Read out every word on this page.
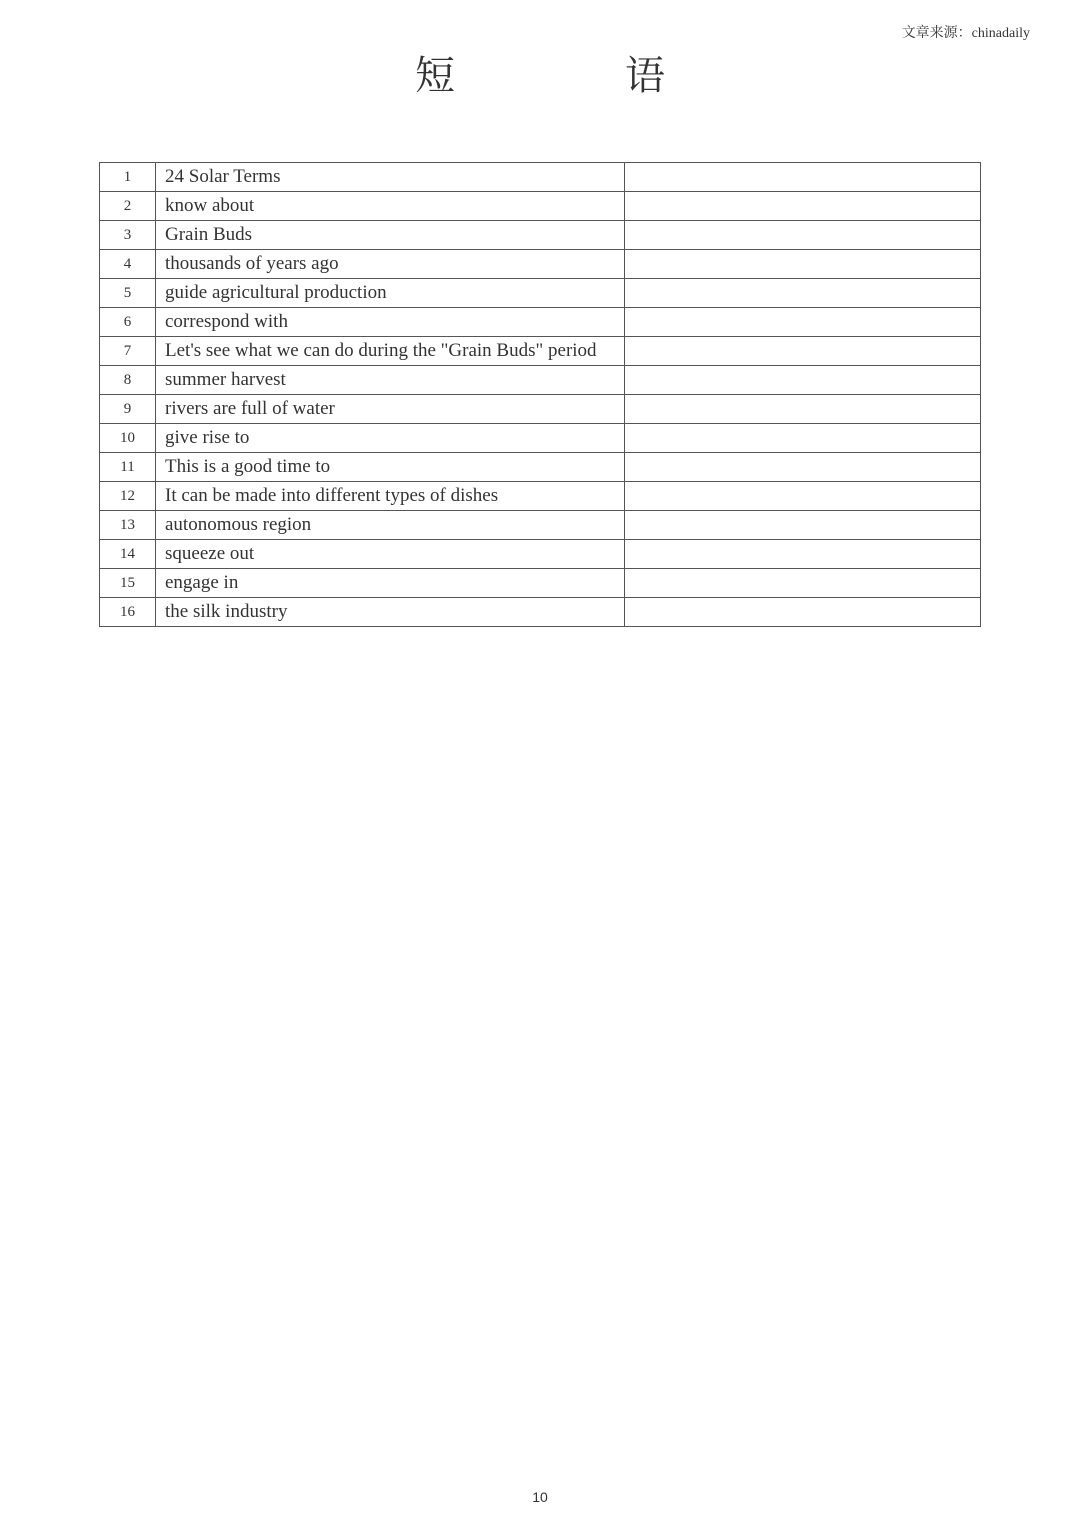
文章来源：chinadaily
短 语
1	24 Solar Terms	
2	know about	
3	Grain Buds	
4	thousands of years ago	
5	guide agricultural production	
6	correspond with	
7	Let's see what we can do during the "Grain Buds" period	
8	summer harvest	
9	rivers are full of water	
10	give rise to	
11	This is a good time to	
12	It can be made into different types of dishes	
13	autonomous region	
14	squeeze out	
15	engage in	
16	the silk industry	
10
